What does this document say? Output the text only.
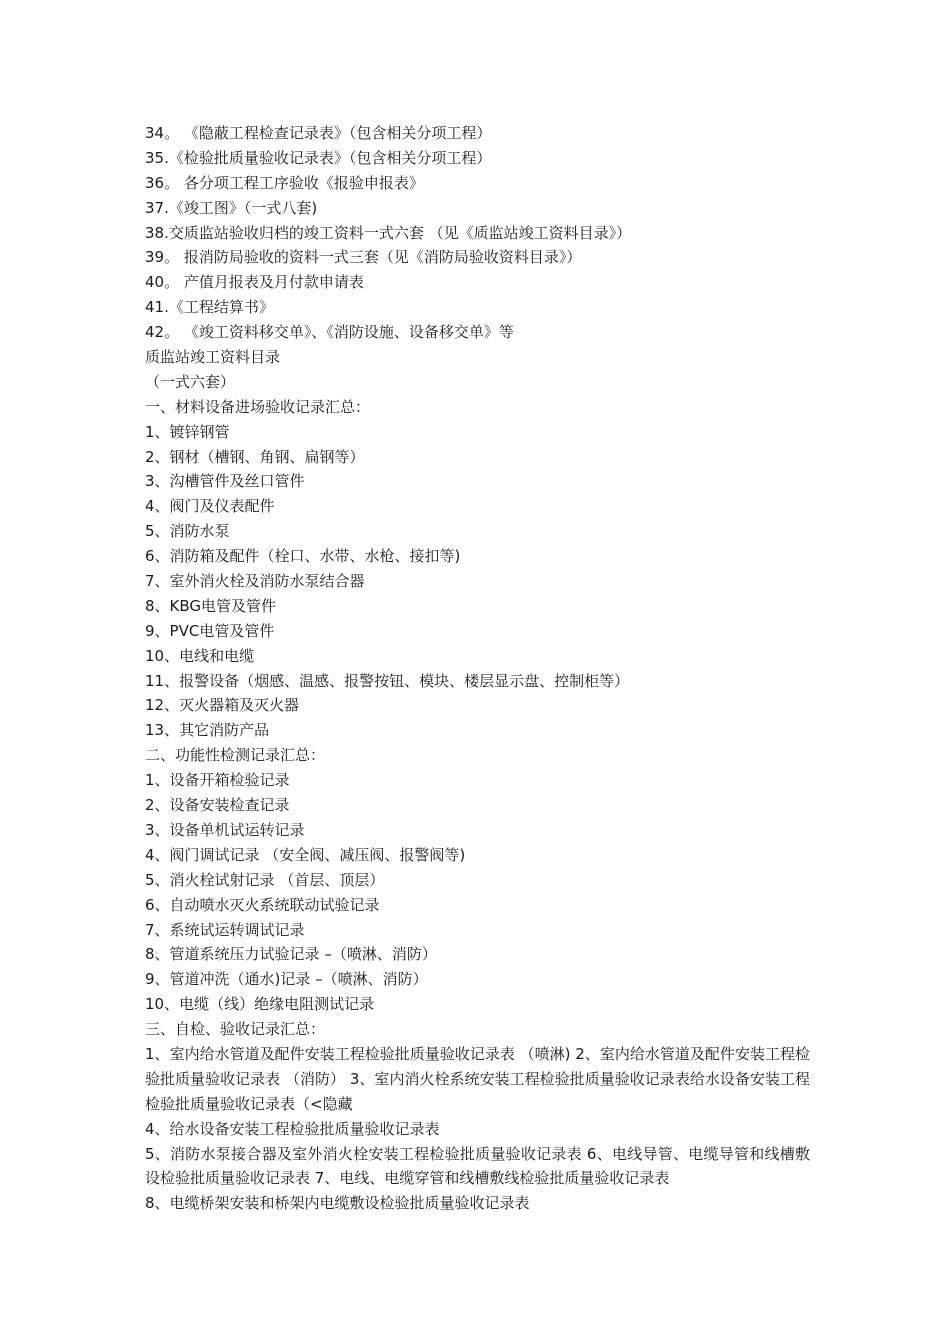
34。 《隐蔽工程检查记录表》（包含相关分项工程）
35.《检验批质量验收记录表》（包含相关分项工程）
36。 各分项工程工序验收《报验申报表》
37.《竣工图》（一式八套)
38.交质监站验收归档的竣工资料一式六套 （见《质监站竣工资料目录》）
39。 报消防局验收的资料一式三套（见《消防局验收资料目录》）
40。 产值月报表及月付款申请表
41.《工程结算书》
42。 《竣工资料移交单》、《消防设施、设备移交单》等
质监站竣工资料目录
（一式六套）
一、材料设备进场验收记录汇总：
1、镀锌钢管
2、钢材（槽钢、角钢、扁钢等）
3、沟槽管件及丝口管件
4、阀门及仪表配件
5、消防水泵
6、消防箱及配件（栓口、水带、水枪、接扣等)
7、室外消火栓及消防水泵结合器
8、KBG电管及管件
9、PVC电管及管件
10、电线和电缆
11、报警设备（烟感、温感、报警按钮、模块、楼层显示盘、控制柜等）
12、灭火器箱及灭火器
13、其它消防产品
二、功能性检测记录汇总：
1、设备开箱检验记录
2、设备安装检查记录
3、设备单机试运转记录
4、阀门调试记录 （安全阀、减压阀、报警阀等)
5、消火栓试射记录 （首层、顶层）
6、自动喷水灭火系统联动试验记录
7、系统试运转调试记录
8、管道系统压力试验记录 –（喷淋、消防）
9、管道冲洗（通水)记录 –（喷淋、消防）
10、电缆（线）绝缘电阻测试记录
三、自检、验收记录汇总：
1、室内给水管道及配件安装工程检验批质量验收记录表 （喷淋) 2、室内给水管道及配件安装工程检验批质量验收记录表 （消防） 3、室内消火栓系统安装工程检验批质量验收记录表给水设备安装工程检验批质量验收记录表（<隐藏
4、给水设备安装工程检验批质量验收记录表
5、消防水泵接合器及室外消火栓安装工程检验批质量验收记录表 6、电线导管、电缆导管和线槽敷设检验批质量验收记录表 7、电线、电缆穿管和线槽敷线检验批质量验收记录表
8、电缆桥架安装和桥架内电缆敷设检验批质量验收记录表
